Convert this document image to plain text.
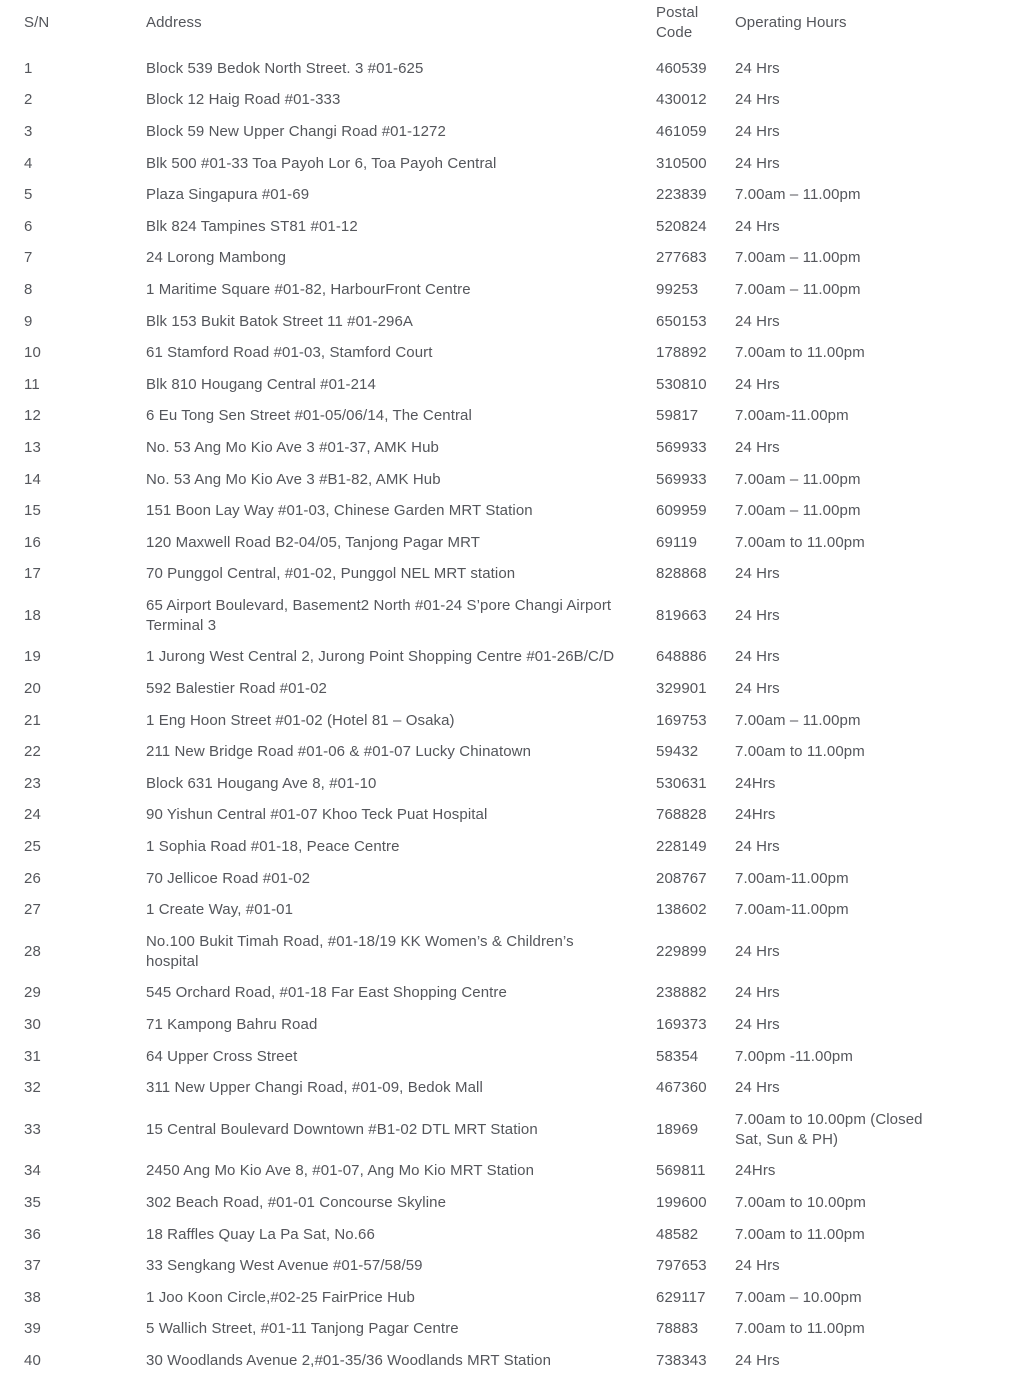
S/N	Address	Postal Code	Operating Hours
1	Block 539 Bedok North Street. 3 #01-625	460539	24 Hrs
2	Block 12 Haig Road #01-333	430012	24 Hrs
3	Block 59 New Upper Changi Road #01-1272	461059	24 Hrs
4	Blk 500 #01-33 Toa Payoh Lor 6, Toa Payoh Central	310500	24 Hrs
5	Plaza Singapura #01-69	223839	7.00am – 11.00pm
6	Blk 824 Tampines ST81 #01-12	520824	24 Hrs
7	24 Lorong Mambong	277683	7.00am – 11.00pm
8	1 Maritime Square #01-82, HarbourFront Centre	99253	7.00am – 11.00pm
9	Blk 153 Bukit Batok Street 11 #01-296A	650153	24 Hrs
10	61 Stamford Road #01-03, Stamford Court	178892	7.00am to 11.00pm
11	Blk 810 Hougang Central #01-214	530810	24 Hrs
12	6 Eu Tong Sen Street #01-05/06/14, The Central	59817	7.00am-11.00pm
13	No. 53 Ang Mo Kio Ave 3 #01-37, AMK Hub	569933	24 Hrs
14	No. 53 Ang Mo Kio Ave 3 #B1-82, AMK Hub	569933	7.00am – 11.00pm
15	151 Boon Lay Way #01-03, Chinese Garden MRT Station	609959	7.00am – 11.00pm
16	120 Maxwell Road B2-04/05, Tanjong Pagar MRT	69119	7.00am to 11.00pm
17	70 Punggol Central, #01-02, Punggol NEL MRT station	828868	24 Hrs
18	65 Airport Boulevard, Basement2 North #01-24 S’pore Changi Airport Terminal 3	819663	24 Hrs
19	1 Jurong West Central 2, Jurong Point Shopping Centre #01-26B/C/D	648886	24 Hrs
20	592 Balestier Road #01-02	329901	24 Hrs
21	1 Eng Hoon Street #01-02 (Hotel 81 – Osaka)	169753	7.00am – 11.00pm
22	211 New Bridge Road #01-06 & #01-07 Lucky Chinatown	59432	7.00am to 11.00pm
23	Block 631 Hougang Ave 8, #01-10	530631	24Hrs
24	90 Yishun Central #01-07 Khoo Teck Puat Hospital	768828	24Hrs
25	1 Sophia Road #01-18, Peace Centre	228149	24 Hrs
26	70 Jellicoe Road #01-02	208767	7.00am-11.00pm
27	1 Create Way, #01-01	138602	7.00am-11.00pm
28	No.100 Bukit Timah Road, #01-18/19 KK Women’s & Children’s hospital	229899	24 Hrs
29	545 Orchard Road, #01-18 Far East Shopping Centre	238882	24 Hrs
30	71 Kampong Bahru Road	169373	24 Hrs
31	64 Upper Cross Street	58354	7.00pm -11.00pm
32	311 New Upper Changi Road, #01-09, Bedok Mall	467360	24 Hrs
33	15 Central Boulevard Downtown #B1-02 DTL MRT Station	18969	7.00am to 10.00pm (Closed Sat, Sun & PH)
34	2450 Ang Mo Kio Ave 8, #01-07, Ang Mo Kio MRT Station	569811	24Hrs
35	302 Beach Road, #01-01 Concourse Skyline	199600	7.00am to 10.00pm
36	18 Raffles Quay La Pa Sat, No.66	48582	7.00am to 11.00pm
37	33 Sengkang West Avenue #01-57/58/59	797653	24 Hrs
38	1 Joo Koon Circle,#02-25 FairPrice Hub	629117	7.00am – 10.00pm
39	5 Wallich Street, #01-11 Tanjong Pagar Centre	78883	7.00am to 11.00pm
40	30 Woodlands Avenue 2,#01-35/36 Woodlands MRT Station	738343	24 Hrs
